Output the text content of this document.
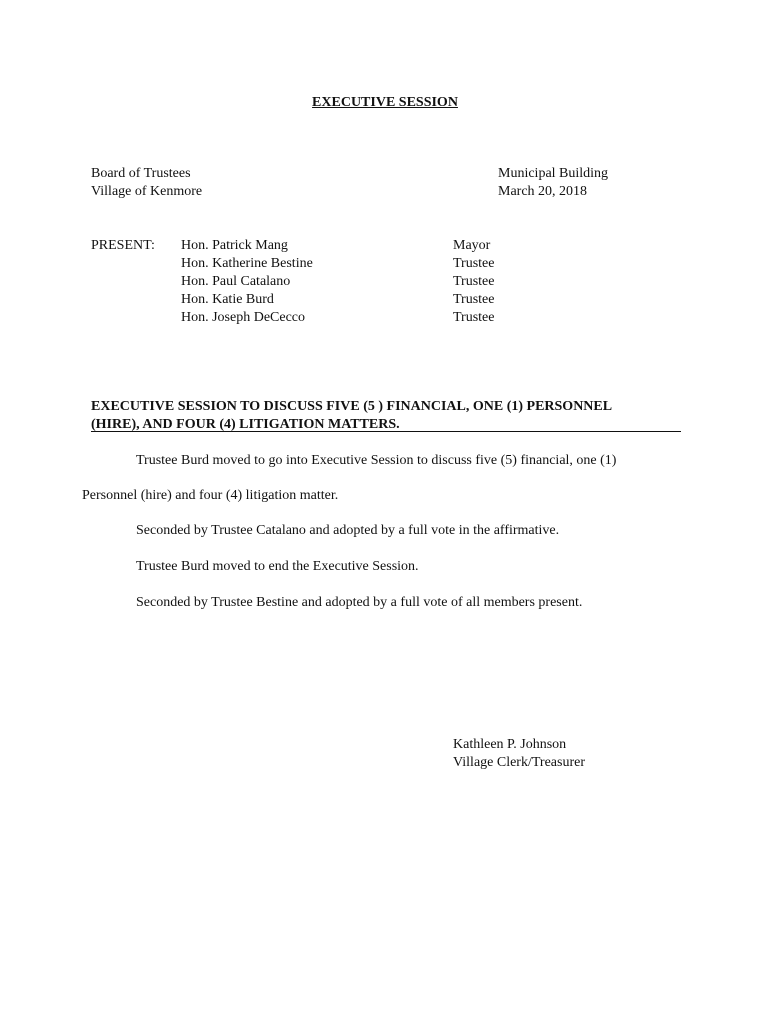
EXECUTIVE SESSION
Board of Trustees
Village of Kenmore
Municipal Building
March 20, 2018
PRESENT: Hon. Patrick Mang
Hon. Katherine Bestine
Hon. Paul Catalano
Hon. Katie Burd
Hon. Joseph DeCecco
Mayor
Trustee
Trustee
Trustee
Trustee
EXECUTIVE SESSION TO DISCUSS FIVE (5 ) FINANCIAL, ONE (1) PERSONNEL
(HIRE), AND FOUR (4) LITIGATION MATTERS.
Trustee Burd moved to go into Executive Session to discuss five (5) financial, one (1)
Personnel (hire) and four (4) litigation matter.
Seconded by Trustee Catalano and adopted by a full vote in the affirmative.
Trustee Burd moved to end the Executive Session.
Seconded by Trustee Bestine and adopted by a full vote of all members present.
Kathleen P. Johnson
Village Clerk/Treasurer
